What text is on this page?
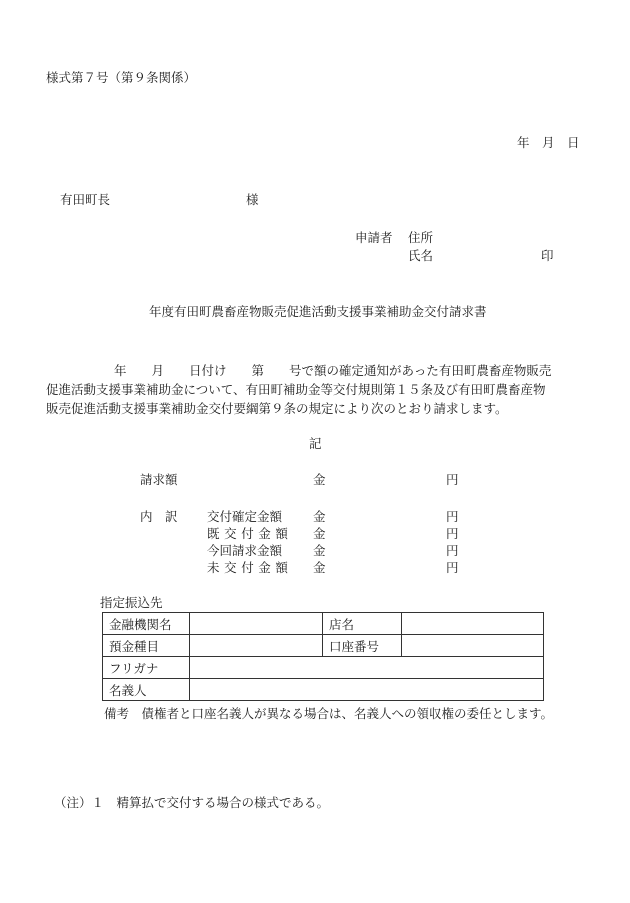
様式第７号（第９条関係）
年　月　日
有田町長	様
申請者 住所
氏名	印
年度有田町農畜産物販売促進活動支援事業補助金交付請求書
年　　月　　日付け　　第　　号で額の確定通知があった有田町農畜産物販売
促進活動支援事業補助金について、有田町補助金等交付規則第１５条及び有田町農畜産物
販売促進活動支援事業補助金交付要綱第９条の規定により次のとおり請求します。
記
請求額	金	円
内　訳 交付確定金額 金	円
既交付金額 金	円
今回請求金額 金	円
未交付金額 金	円
指定振込先
金融機関名		店名	
預金種目		口座番号	
フリガナ			
名義人			
備考　債権者と口座名義人が異なる場合は、名義人への領収権の委任とします。
（注）１　精算払で交付する場合の様式である。
